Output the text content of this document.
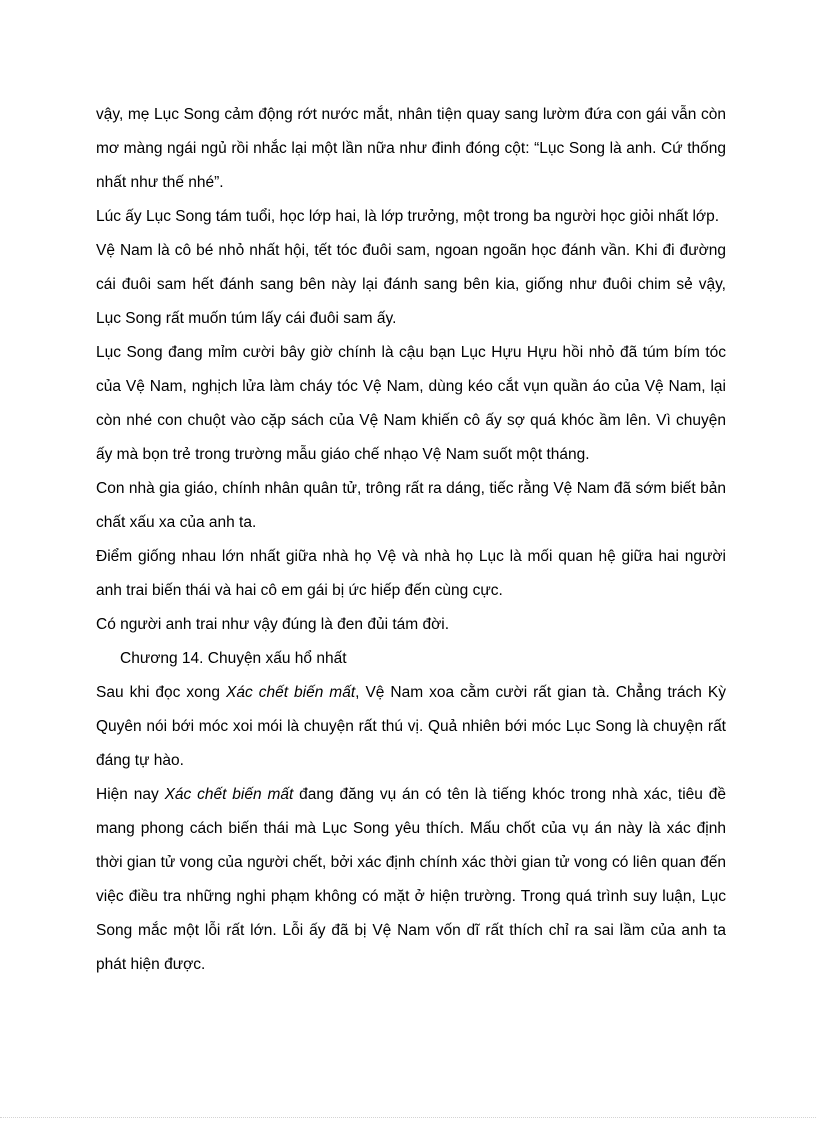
vậy, mẹ Lục Song cảm động rớt nước mắt, nhân tiện quay sang lườm đứa con gái vẫn còn mơ màng ngái ngủ rồi nhắc lại một lần nữa như đinh đóng cột: “Lục Song là anh. Cứ thống nhất như thế nhé”.

Lúc ấy Lục Song tám tuổi, học lớp hai, là lớp trưởng, một trong ba người học giỏi nhất lớp.

Vệ Nam là cô bé nhỏ nhất hội, tết tóc đuôi sam, ngoan ngoãn học đánh vần. Khi đi đường cái đuôi sam hết đánh sang bên này lại đánh sang bên kia, giống như đuôi chim sẻ vậy, Lục Song rất muốn túm lấy cái đuôi sam ấy.

Lục Song đang mỉm cười bây giờ chính là cậu bạn Lục Hựu Hựu hồi nhỏ đã túm bím tóc của Vệ Nam, nghịch lửa làm cháy tóc Vệ Nam, dùng kéo cắt vụn quần áo của Vệ Nam, lại còn nhé con chuột vào cặp sách của Vệ Nam khiến cô ấy sợ quá khóc ầm lên. Vì chuyện ấy mà bọn trẻ trong trường mẫu giáo chế nhạo Vệ Nam suốt một tháng.

Con nhà gia giáo, chính nhân quân tử, trông rất ra dáng, tiếc rằng Vệ Nam đã sớm biết bản chất xấu xa của anh ta.

Điểm giống nhau lớn nhất giữa nhà họ Vệ và nhà họ Lục là mối quan hệ giữa hai người anh trai biến thái và hai cô em gái bị ức hiếp đến cùng cực.

Có người anh trai như vậy đúng là đen đủi tám đời.

Chương 14. Chuyện xấu hổ nhất

Sau khi đọc xong Xác chết biến mất, Vệ Nam xoa cằm cười rất gian tà. Chẳng trách Kỳ Quyên nói bới móc xoi mói là chuyện rất thú vị. Quả nhiên bới móc Lục Song là chuyện rất đáng tự hào.

Hiện nay Xác chết biến mất đang đăng vụ án có tên là tiếng khóc trong nhà xác, tiêu đề mang phong cách biến thái mà Lục Song yêu thích. Mấu chốt của vụ án này là xác định thời gian tử vong của người chết, bởi xác định chính xác thời gian tử vong có liên quan đến việc điều tra những nghi phạm không có mặt ở hiện trường. Trong quá trình suy luận, Lục Song mắc một lỗi rất lớn. Lỗi ấy đã bị Vệ Nam vốn dĩ rất thích chỉ ra sai lầm của anh ta phát hiện được.
